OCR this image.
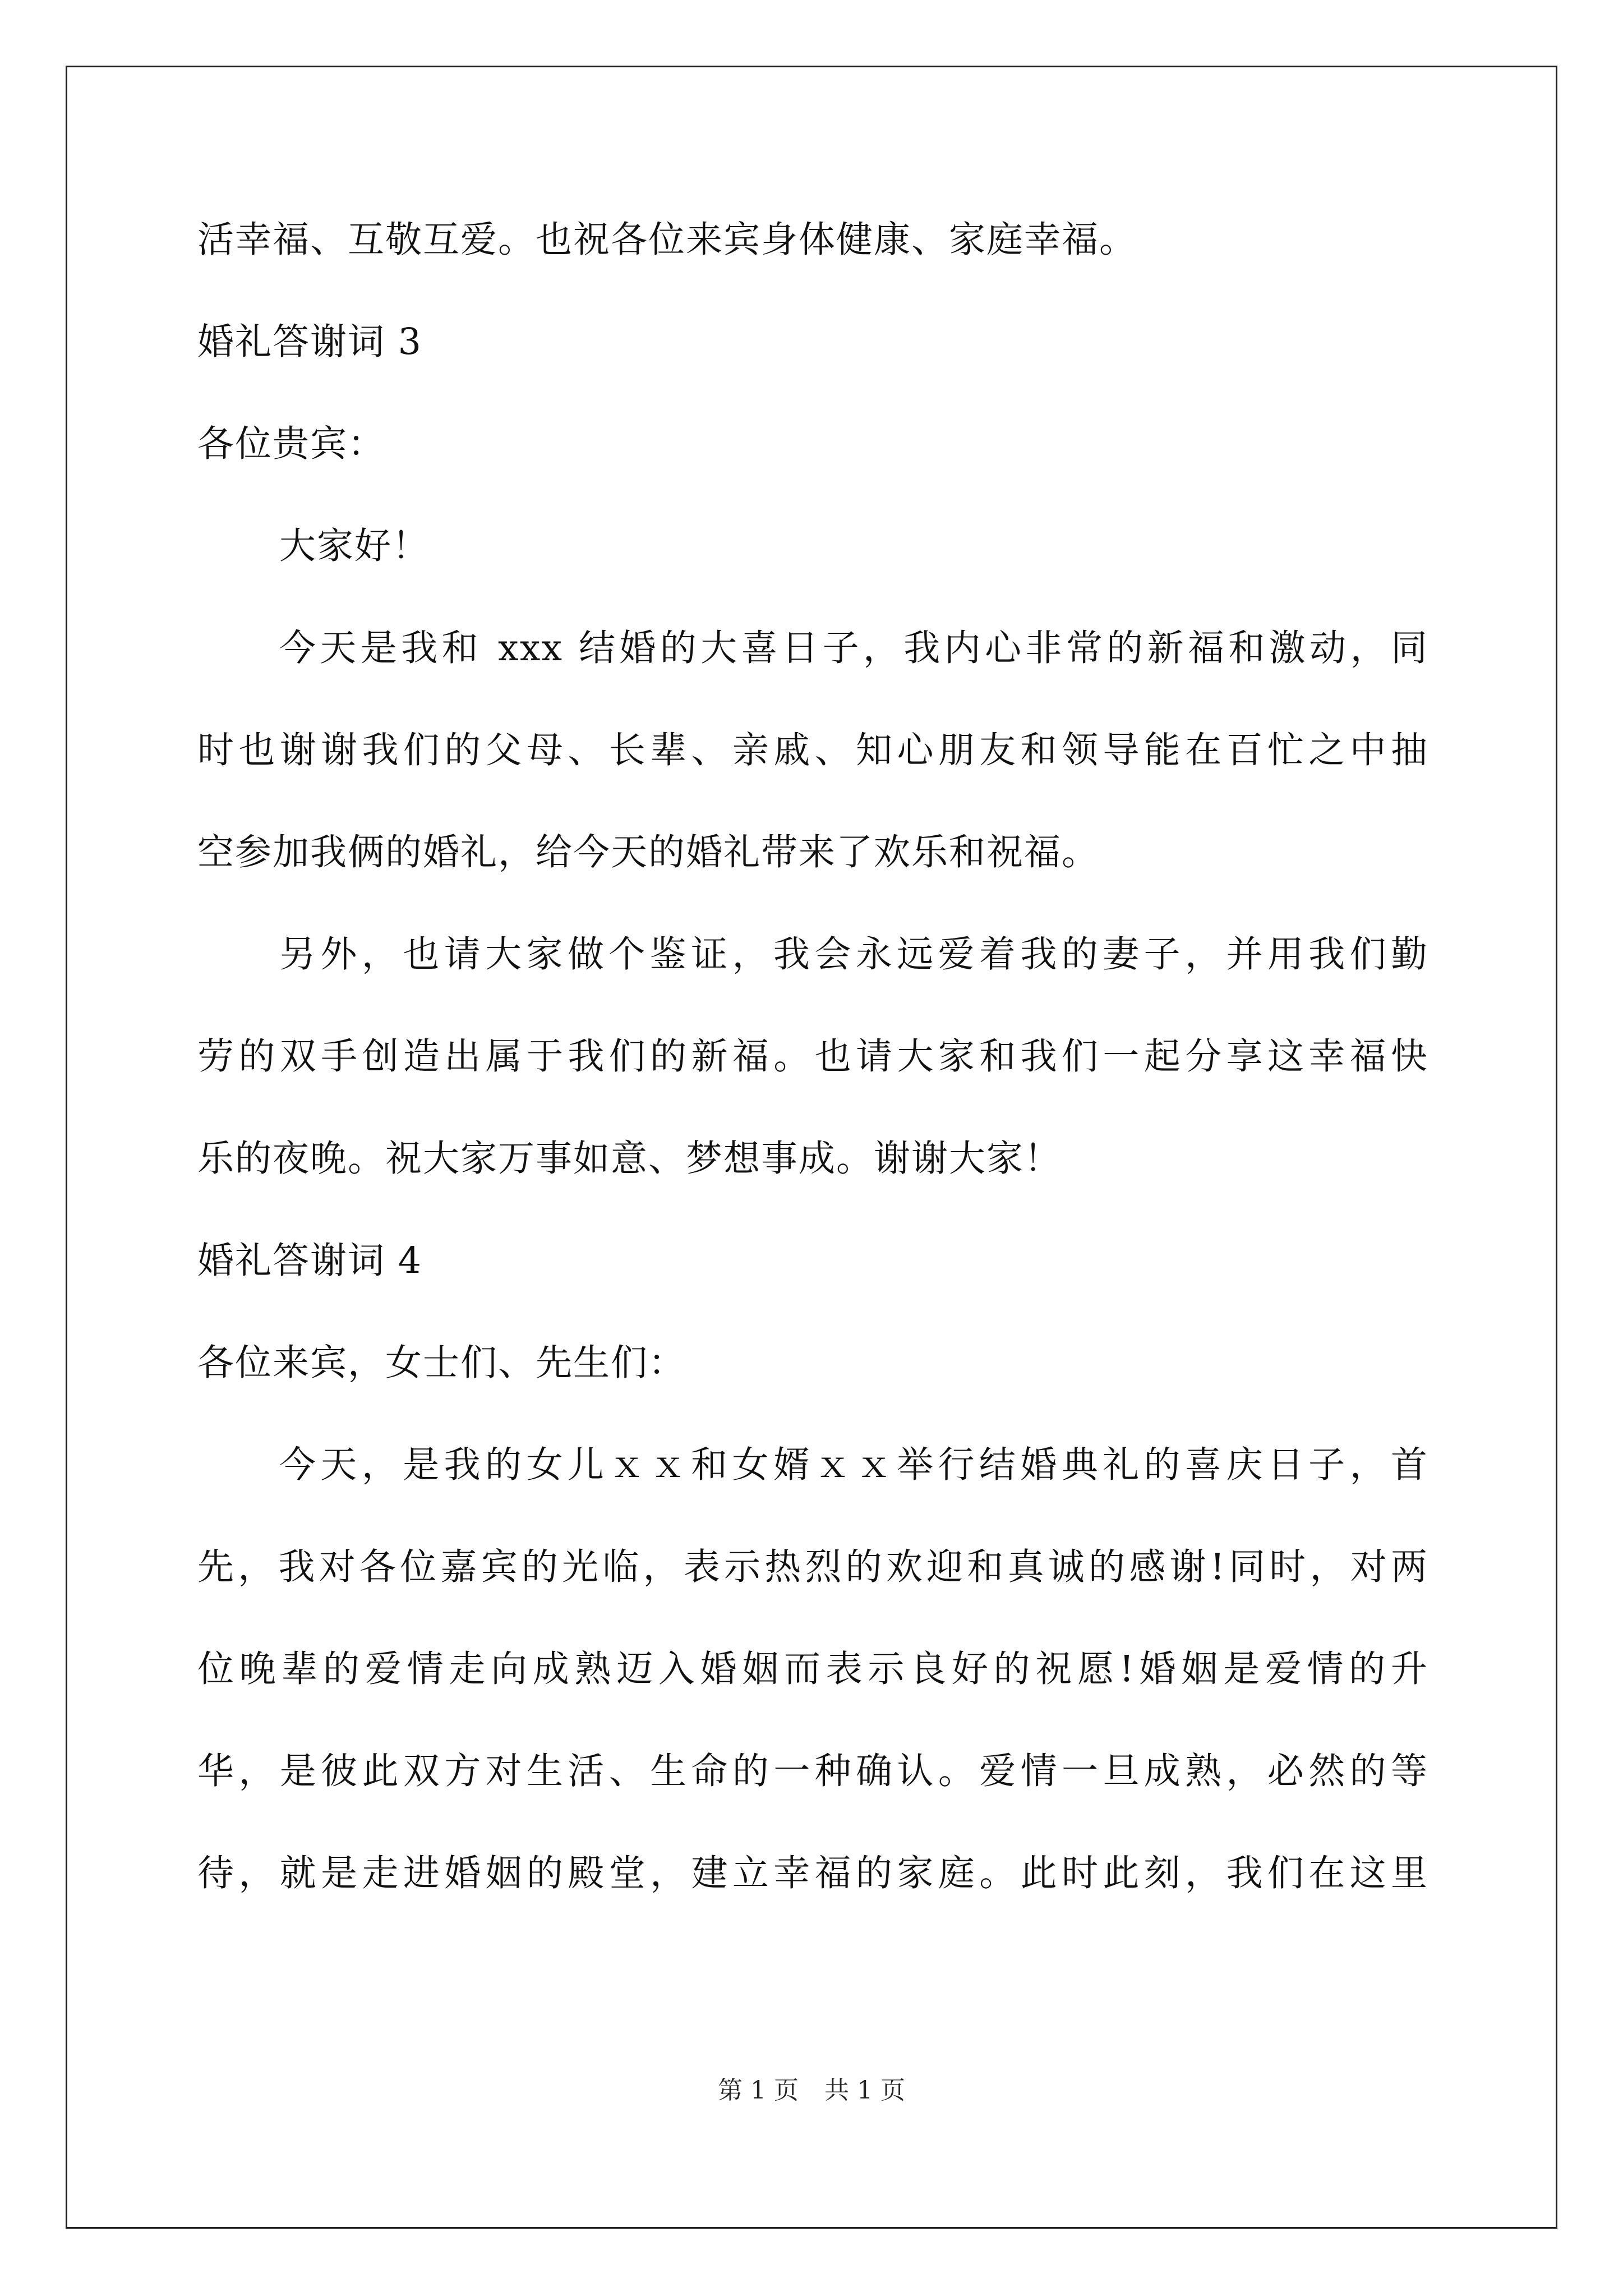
活幸福、互敬互爱。也祝各位来宾身体健康、家庭幸福。
婚礼答谢词 3
各位贵宾：
大家好！
今天是我和 xxx 结婚的大喜日子，我内心非常的新福和激动，同
时也谢谢我们的父母、长辈、亲戚、知心朋友和领导能在百忙之中抽
空参加我俩的婚礼，给今天的婚礼带来了欢乐和祝福。
另外，也请大家做个鉴证，我会永远爱着我的妻子，并用我们勤
劳的双手创造出属于我们的新福。也请大家和我们一起分享这幸福快
乐的夜晚。祝大家万事如意、梦想事成。谢谢大家！
婚礼答谢词 4
各位来宾，女士们、先生们：
今天，是我的女儿ｘｘ和女婿ｘｘ举行结婚典礼的喜庆日子，首
先，我对各位嘉宾的光临，表示热烈的欢迎和真诚的感谢!同时，对两
位晚辈的爱情走向成熟迈入婚姻而表示良好的祝愿!婚姻是爱情的升
华，是彼此双方对生活、生命的一种确认。爱情一旦成熟，必然的等
待，就是走进婚姻的殿堂，建立幸福的家庭。此时此刻，我们在这里
第 1 页 共 1 页
